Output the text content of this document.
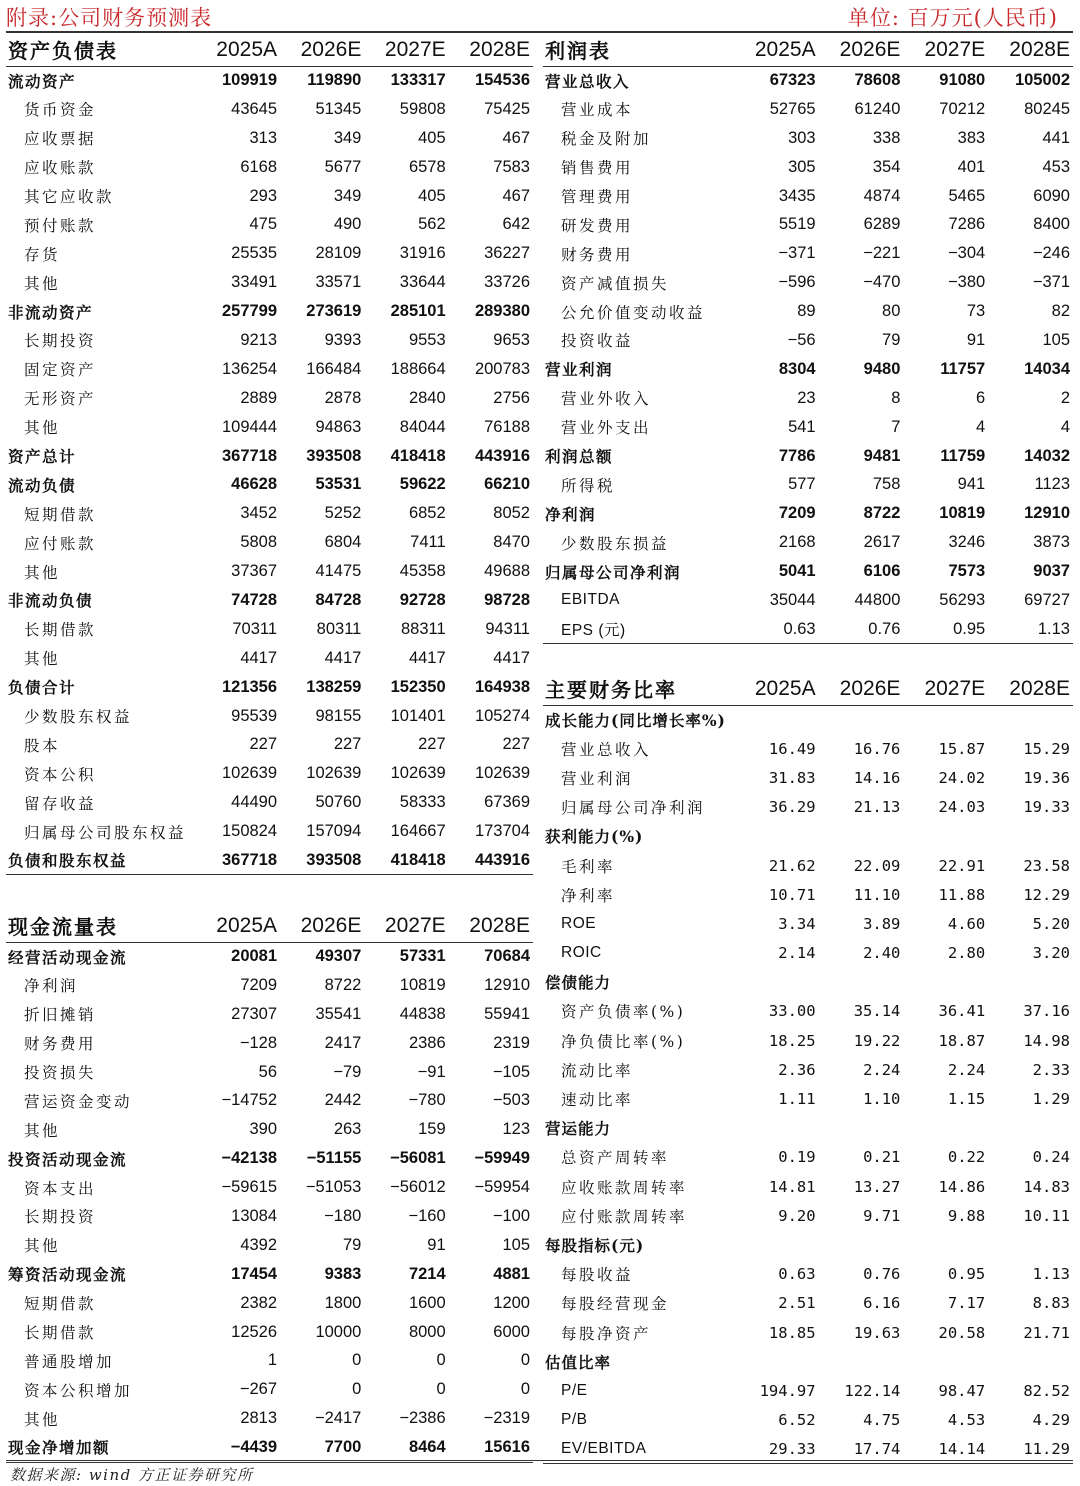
附录:公司财务预测表	单位: 百万元(人民币)
资产负债表	2025A	2026E	2027E	2028E
流动资产	109919	119890	133317	154536
货币资金	43645	51345	59808	75425
应收票据	313	349	405	467
应收账款	6168	5677	6578	7583
其它应收款	293	349	405	467
预付账款	475	490	562	642
存货	25535	28109	31916	36227
其他	33491	33571	33644	33726
非流动资产	257799	273619	285101	289380
长期投资	9213	9393	9553	9653
固定资产	136254	166484	188664	200783
无形资产	2889	2878	2840	2756
其他	109444	94863	84044	76188
资产总计	367718	393508	418418	443916
流动负债	46628	53531	59622	66210
短期借款	3452	5252	6852	8052
应付账款	5808	6804	7411	8470
其他	37367	41475	45358	49688
非流动负债	74728	84728	92728	98728
长期借款	70311	80311	88311	94311
其他	4417	4417	4417	4417
负债合计	121356	138259	152350	164938
少数股东权益	95539	98155	101401	105274
股本	227	227	227	227
资本公积	102639	102639	102639	102639
留存收益	44490	50760	58333	67369
归属母公司股东权益	150824	157094	164667	173704
负债和股东权益	367718	393508	418418	443916
利润表	2025A	2026E	2027E	2028E
营业总收入	67323	78608	91080	105002
营业成本	52765	61240	70212	80245
税金及附加	303	338	383	441
销售费用	305	354	401	453
管理费用	3435	4874	5465	6090
研发费用	5519	6289	7286	8400
财务费用	−371	−221	−304	−246
资产减值损失	−596	−470	−380	−371
公允价值变动收益	89	80	73	82
投资收益	−56	79	91	105
营业利润	8304	9480	11757	14034
营业外收入	23	8	6	2
营业外支出	541	7	4	4
利润总额	7786	9481	11759	14032
所得税	577	758	941	1123
净利润	7209	8722	10819	12910
少数股东损益	2168	2617	3246	3873
归属母公司净利润	5041	6106	7573	9037
EBITDA	35044	44800	56293	69727
EPS (元)	0.63	0.76	0.95	1.13
主要财务比率	2025A	2026E	2027E	2028E
成长能力(同比增长率%)				
营业总收入	16.49	16.76	15.87	15.29
营业利润	31.83	14.16	24.02	19.36
归属母公司净利润	36.29	21.13	24.03	19.33
获利能力(%)				
毛利率	21.62	22.09	22.91	23.58
净利率	10.71	11.10	11.88	12.29
ROE	3.34	3.89	4.60	5.20
ROIC	2.14	2.40	2.80	3.20
偿债能力				
资产负债率(%)	33.00	35.14	36.41	37.16
净负债比率(%)	18.25	19.22	18.87	14.98
流动比率	2.36	2.24	2.24	2.33
速动比率	1.11	1.10	1.15	1.29
营运能力				
总资产周转率	0.19	0.21	0.22	0.24
应收账款周转率	14.81	13.27	14.86	14.83
应付账款周转率	9.20	9.71	9.88	10.11
每股指标(元)				
每股收益	0.63	0.76	0.95	1.13
每股经营现金	2.51	6.16	7.17	8.83
每股净资产	18.85	19.63	20.58	21.71
估值比率				
P/E	194.97	122.14	98.47	82.52
P/B	6.52	4.75	4.53	4.29
EV/EBITDA	29.33	17.74	14.14	11.29
现金流量表	2025A	2026E	2027E	2028E
经营活动现金流	20081	49307	57331	70684
净利润	7209	8722	10819	12910
折旧摊销	27307	35541	44838	55941
财务费用	−128	2417	2386	2319
投资损失	56	−79	−91	−105
营运资金变动	−14752	2442	−780	−503
其他	390	263	159	123
投资活动现金流	−42138	−51155	−56081	−59949
资本支出	−59615	−51053	−56012	−59954
长期投资	13084	−180	−160	−100
其他	4392	79	91	105
筹资活动现金流	17454	9383	7214	4881
短期借款	2382	1800	1600	1200
长期借款	12526	10000	8000	6000
普通股增加	1	0	0	0
资本公积增加	−267	0	0	0
其他	2813	−2417	−2386	−2319
现金净增加额	−4439	7700	8464	15616
数据来源: wind 方正证券研究所
